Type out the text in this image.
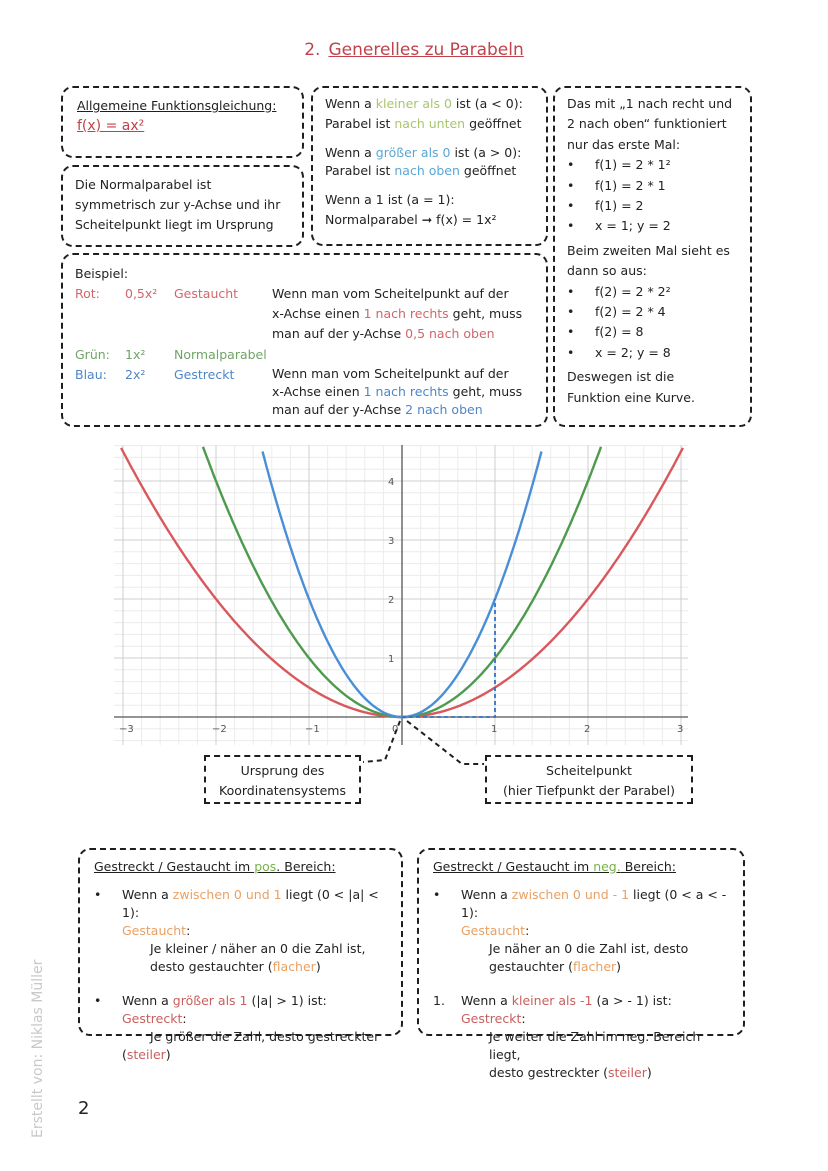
2. Generelles zu Parabeln
Allgemeine Funktionsgleichung:
f(x) = ax²
Die Normalparabel ist
symmetrisch zur y-Achse und ihr
Scheitelpunkt liegt im Ursprung
Wenn a kleiner als 0 ist (a < 0):
Parabel ist nach unten geöffnet
Wenn a größer als 0 ist (a > 0):
Parabel ist nach oben geöffnet
Wenn a 1 ist (a = 1):
Normalparabel ➞ f(x) = 1x²
Das mit „1 nach recht und
2 nach oben“ funktioniert
nur das erste Mal:
•	f(1) = 2 * 1²
•	f(1) = 2 * 1
•	f(1) = 2
•	x = 1; y = 2
Beim zweiten Mal sieht es
dann so aus:
•	f(2) = 2 * 2²
•	f(2) = 2 * 4
•	f(2) = 8
•	x = 2; y = 8
Deswegen ist die
Funktion eine Kurve.
Beispiel:
Rot: 0,5x² Gestaucht	Wenn man vom Scheitelpunkt auf der
x-Achse einen 1 nach rechts geht, muss
man auf der y-Achse 0,5 nach oben
Grün: 1x² Normalparabel
Blau: 2x² Gestreckt	Wenn man vom Scheitelpunkt auf der
x-Achse einen 1 nach rechts geht, muss
man auf der y-Achse 2 nach oben
−3	−2	−1	0	1	2	3
1
2
3
4
Ursprung des
Koordinatensystems
Scheitelpunkt
(hier Tiefpunkt der Parabel)
Gestreckt / Gestaucht im pos. Bereich:
•	Wenn a zwischen 0 und 1 liegt (0 < |a| < 1):
Gestaucht:
Je kleiner / näher an 0 die Zahl ist,
desto gestauchter (flacher)
•	Wenn a größer als 1 (|a| > 1) ist: Gestreckt:
Je größer die Zahl, desto gestreckter
(steiler)
Gestreckt / Gestaucht im neg. Bereich:
•	Wenn a zwischen 0 und - 1 liegt (0 < a < - 1):
Gestaucht:
Je näher an 0 die Zahl ist, desto
gestauchter (flacher)
1.	Wenn a kleiner als -1 (a > - 1) ist: Gestreckt:
Je weiter die Zahl im neg. Bereich liegt,
desto gestreckter (steiler)
Erstellt von: Niklas Müller 2
